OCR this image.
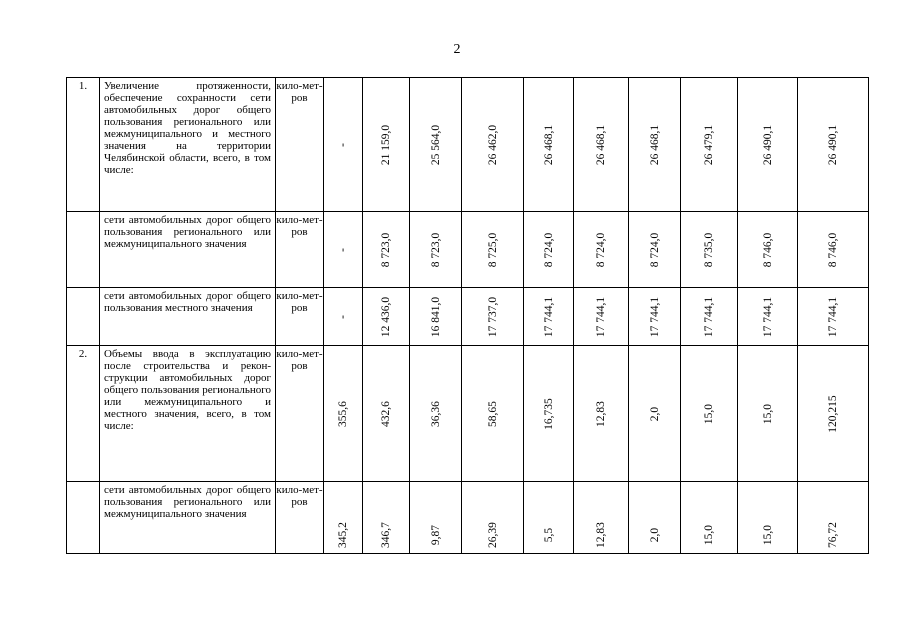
2
1.	Увеличение протяженности, обеспечение сохранности сети автомобильных дорог общего пользования регионального или межмуниципального и местного значения на территории Челябинской области, всего, в том числе:	кило-мет-ров	-	21 159,0	25 564,0	26 462,0	26 468,1	26 468,1	26 468,1	26 479,1	26 490,1	26 490,1

	сети автомобильных дорог общего пользования регионального или межмуниципального значения	кило-мет-ров	-	8 723,0	8 723,0	8 725,0	8 724,0	8 724,0	8 724,0	8 735,0	8 746,0	8 746,0

	сети автомобильных дорог общего пользования местного значения	кило-мет-ров	-	12 436,0	16 841,0	17 737,0	17 744,1	17 744,1	17 744,1	17 744,1	17 744,1	17 744,1

2.	Объемы ввода в эксплуатацию после строительства и рекон-струкции автомобильных дорог общего пользования регионального или межмуниципального и местного значения, всего, в том числе:	кило-мет-ров	355,6	432,6	36,36	58,65	16,735	12,83	2,0	15,0	15,0	120,215

	сети автомобильных дорог общего пользования регионального или межмуниципального значения	кило-мет-ров	345,2	346,7	9,87	26,39	5,5	12,83	2,0	15,0	15,0	76,72
